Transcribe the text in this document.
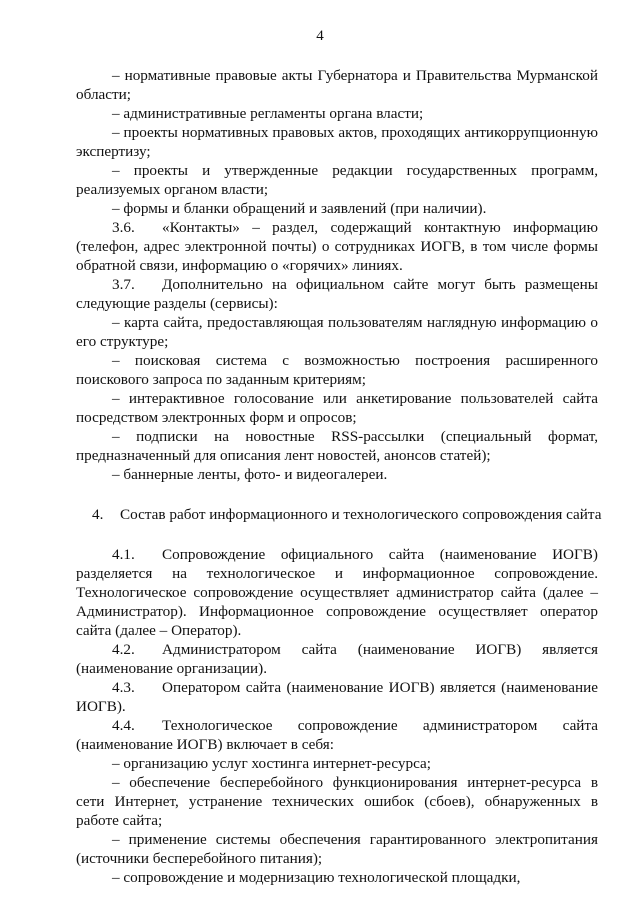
4

– нормативные правовые акты Губернатора и Правительства Мурманской области;

– административные регламенты органа власти;

– проекты нормативных правовых актов, проходящих антикоррупционную экспертизу;

– проекты и утвержденные редакции государственных программ, реализуемых органом власти;

– формы и бланки обращений и заявлений (при наличии).

3.6. «Контакты» – раздел, содержащий контактную информацию (телефон, адрес электронной почты) о сотрудниках ИОГВ, в том числе формы обратной связи, информацию о «горячих» линиях.

3.7. Дополнительно на официальном сайте могут быть размещены следующие разделы (сервисы):

– карта сайта, предоставляющая пользователям наглядную информацию о его структуре;

– поисковая система с возможностью построения расширенного поискового запроса по заданным критериям;

– интерактивное голосование или анкетирование пользователей сайта посредством электронных форм и опросов;

– подписки на новостные RSS-рассылки (специальный формат, предназначенный для описания лент новостей, анонсов статей);

– баннерные ленты, фото- и видеогалереи.

4. Состав работ информационного и технологического сопровождения сайта

4.1. Сопровождение официального сайта (наименование ИОГВ) разделяется на технологическое и информационное сопровождение. Технологическое сопровождение осуществляет администратор сайта (далее – Администратор). Информационное сопровождение осуществляет оператор сайта (далее – Оператор).

4.2. Администратором сайта (наименование ИОГВ) является (наименование организации).

4.3. Оператором сайта (наименование ИОГВ) является (наименование ИОГВ).

4.4. Технологическое сопровождение администратором сайта (наименование ИОГВ) включает в себя:

– организацию услуг хостинга интернет-ресурса;

– обеспечение бесперебойного функционирования интернет-ресурса в сети Интернет, устранение технических ошибок (сбоев), обнаруженных в работе сайта;

– применение системы обеспечения гарантированного электропитания (источники бесперебойного питания);

– сопровождение и модернизацию технологической площадки,
